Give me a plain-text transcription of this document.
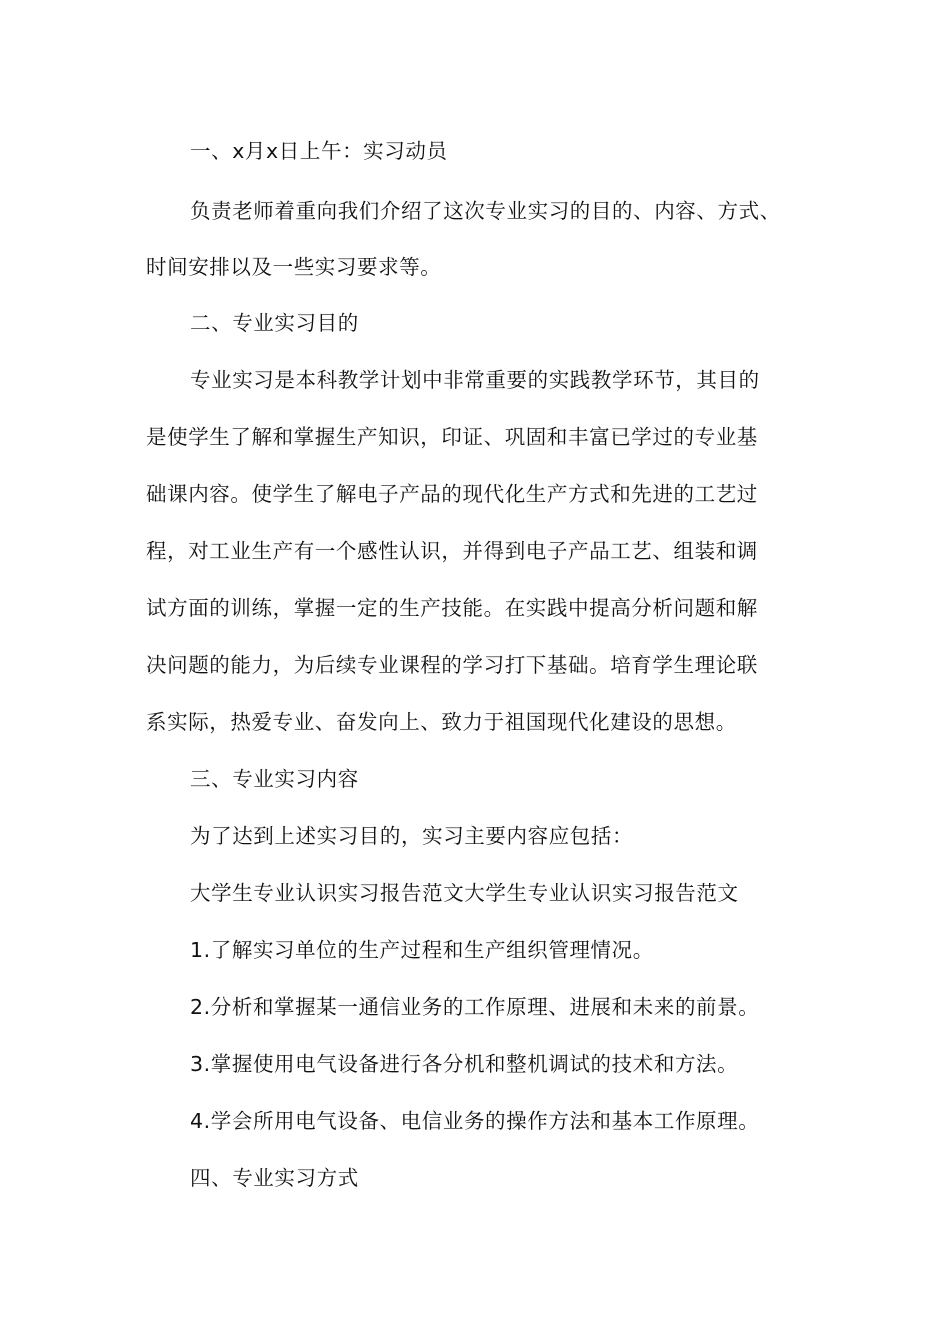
一、x月x日上午：实习动员
负责老师着重向我们介绍了这次专业实习的目的、内容、方式、
时间安排以及一些实习要求等。
二、专业实习目的
专业实习是本科教学计划中非常重要的实践教学环节，其目的
是使学生了解和掌握生产知识，印证、巩固和丰富已学过的专业基
础课内容。使学生了解电子产品的现代化生产方式和先进的工艺过
程，对工业生产有一个感性认识，并得到电子产品工艺、组装和调
试方面的训练，掌握一定的生产技能。在实践中提高分析问题和解
决问题的能力，为后续专业课程的学习打下基础。培育学生理论联
系实际，热爱专业、奋发向上、致力于祖国现代化建设的思想。
三、专业实习内容
为了达到上述实习目的，实习主要内容应包括：
大学生专业认识实习报告范文大学生专业认识实习报告范文
1.了解实习单位的生产过程和生产组织管理情况。
2.分析和掌握某一通信业务的工作原理、进展和未来的前景。
3.掌握使用电气设备进行各分机和整机调试的技术和方法。
4.学会所用电气设备、电信业务的操作方法和基本工作原理。
四、专业实习方式
